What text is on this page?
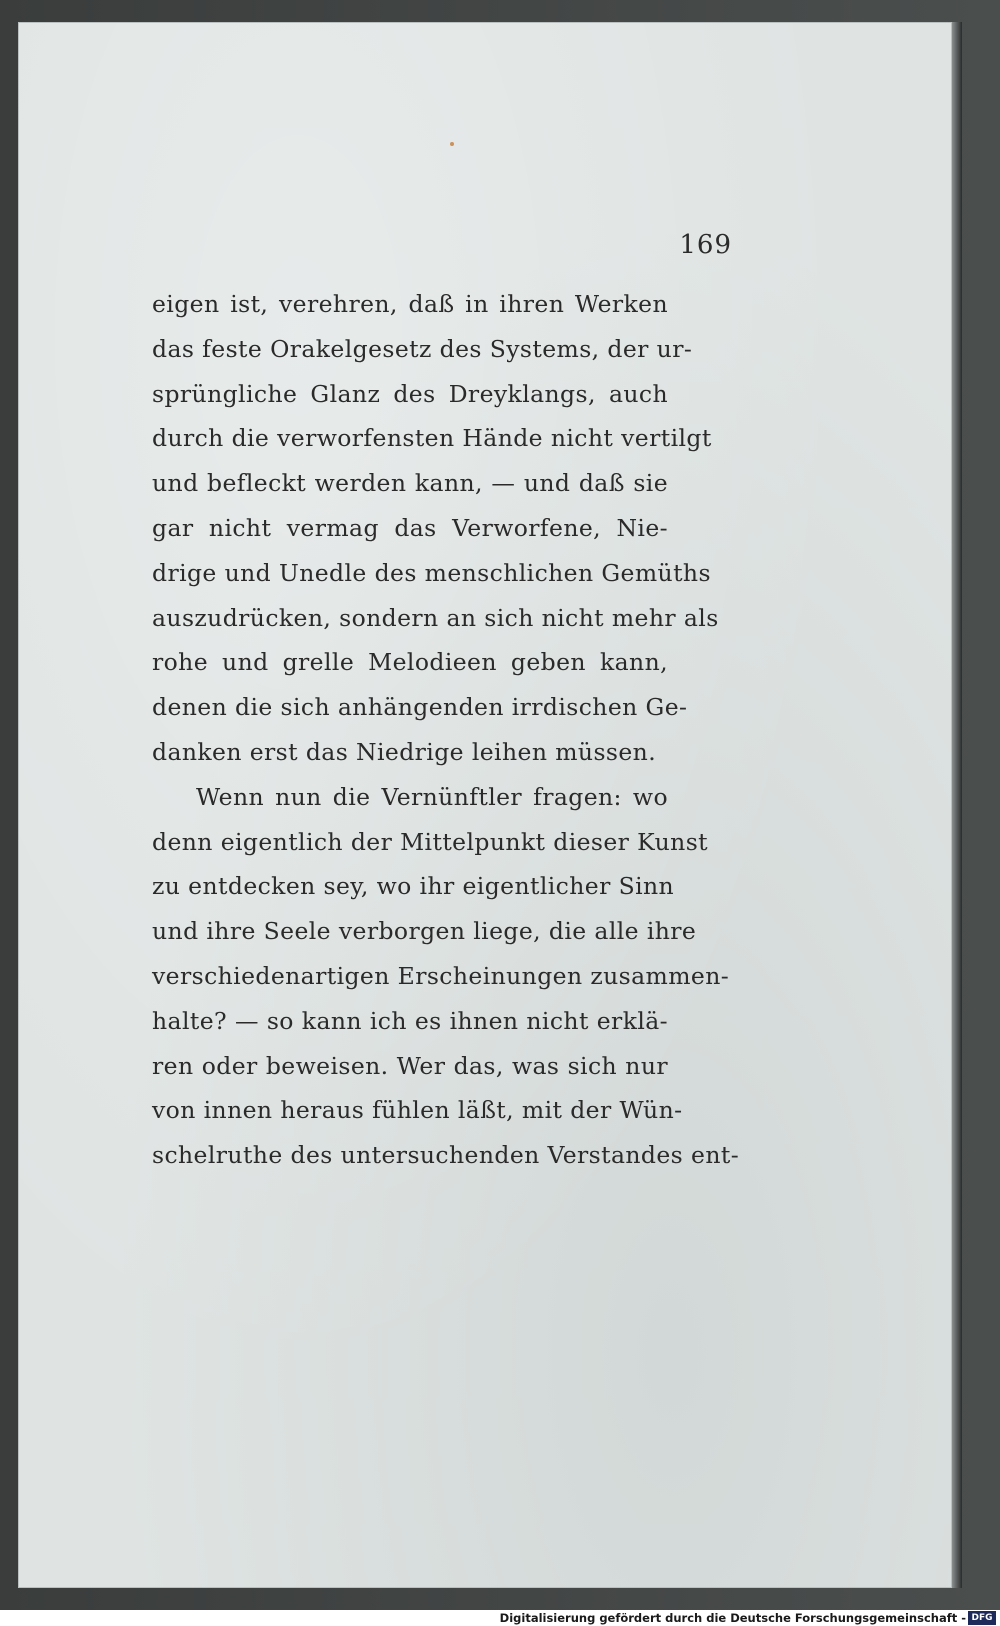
169
eigen ist, verehren, daß in ihren Werken
das feste Orakelgesetz des Systems, der ur-
sprüngliche Glanz des Dreyklangs, auch
durch die verworfensten Hände nicht vertilgt
und befleckt werden kann, — und daß sie
gar nicht vermag das Verworfene, Nie-
drige und Unedle des menschlichen Gemüths
auszudrücken, sondern an sich nicht mehr als
rohe und grelle Melodieen geben kann,
denen die sich anhängenden irrdischen Ge-
danken erst das Niedrige leihen müssen.
Wenn nun die Vernünftler fragen: wo
denn eigentlich der Mittelpunkt dieser Kunst
zu entdecken sey, wo ihr eigentlicher Sinn
und ihre Seele verborgen liege, die alle ihre
verschiedenartigen Erscheinungen zusammen-
halte? — so kann ich es ihnen nicht erklä-
ren oder beweisen. Wer das, was sich nur
von innen heraus fühlen läßt, mit der Wün-
schelruthe des untersuchenden Verstandes ent-
Digitalisierung gefördert durch die Deutsche Forschungsgemeinschaft - DFG
